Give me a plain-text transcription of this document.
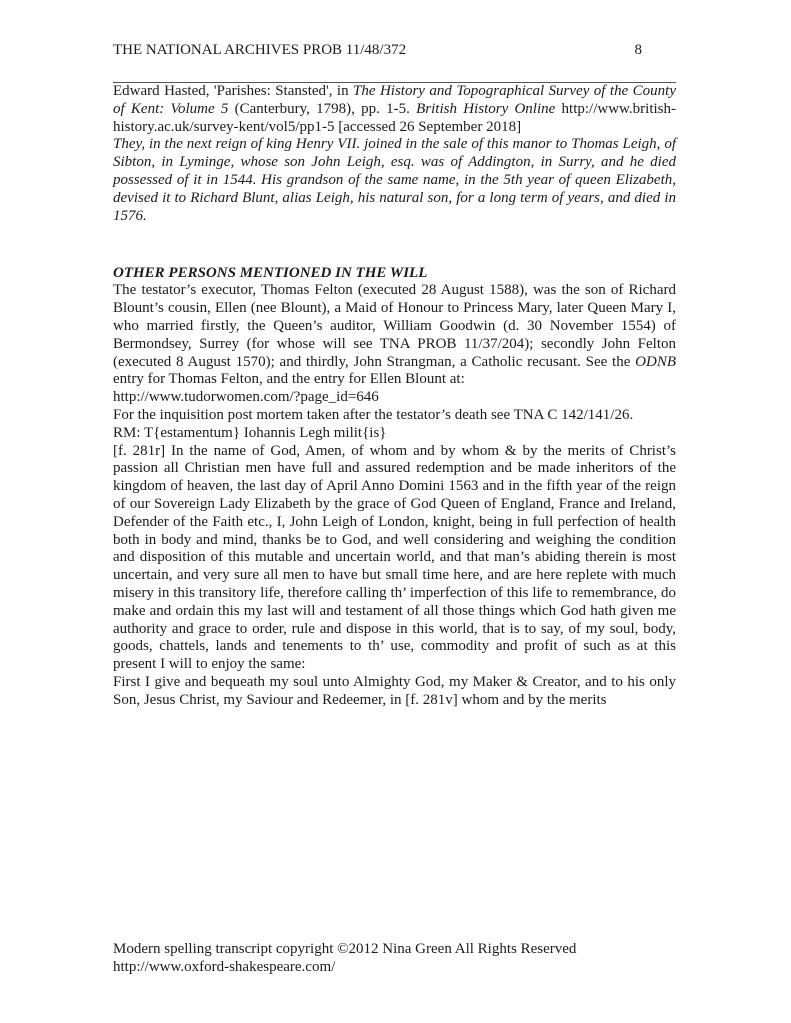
THE NATIONAL ARCHIVES PROB 11/48/372	8

Edward Hasted, 'Parishes: Stansted', in The History and Topographical Survey of the County of Kent: Volume 5 (Canterbury, 1798), pp. 1-5. British History Online http://www.british-history.ac.uk/survey-kent/vol5/pp1-5 [accessed 26 September 2018]

They, in the next reign of king Henry VII. joined in the sale of this manor to Thomas Leigh, of Sibton, in Lyminge, whose son John Leigh, esq. was of Addington, in Surry, and he died possessed of it in 1544. His grandson of the same name, in the 5th year of queen Elizabeth, devised it to Richard Blunt, alias Leigh, his natural son, for a long term of years, and died in 1576.

OTHER PERSONS MENTIONED IN THE WILL

The testator’s executor, Thomas Felton (executed 28 August 1588), was the son of Richard Blount’s cousin, Ellen (nee Blount), a Maid of Honour to Princess Mary, later Queen Mary I, who married firstly, the Queen’s auditor, William Goodwin (d. 30 November 1554) of Bermondsey, Surrey (for whose will see TNA PROB 11/37/204); secondly John Felton (executed 8 August 1570); and thirdly, John Strangman, a Catholic recusant. See the ODNB entry for Thomas Felton, and the entry for Ellen Blount at:

http://www.tudorwomen.com/?page_id=646

For the inquisition post mortem taken after the testator’s death see TNA C 142/141/26.

RM: T{estamentum} Iohannis Legh milit{is}

[f. 281r] In the name of God, Amen, of whom and by whom & by the merits of Christ’s passion all Christian men have full and assured redemption and be made inheritors of the kingdom of heaven, the last day of April Anno Domini 1563 and in the fifth year of the reign of our Sovereign Lady Elizabeth by the grace of God Queen of England, France and Ireland, Defender of the Faith etc., I, John Leigh of London, knight, being in full perfection of health both in body and mind, thanks be to God, and well considering and weighing the condition and disposition of this mutable and uncertain world, and that man’s abiding therein is most uncertain, and very sure all men to have but small time here, and are here replete with much misery in this transitory life, therefore calling th’ imperfection of this life to remembrance, do make and ordain this my last will and testament of all those things which God hath given me authority and grace to order, rule and dispose in this world, that is to say, of my soul, body, goods, chattels, lands and tenements to th’ use, commodity and profit of such as at this present I will to enjoy the same:

First I give and bequeath my soul unto Almighty God, my Maker & Creator, and to his only Son, Jesus Christ, my Saviour and Redeemer, in [f. 281v] whom and by the merits

Modern spelling transcript copyright ©2012 Nina Green All Rights Reserved
http://www.oxford-shakespeare.com/
